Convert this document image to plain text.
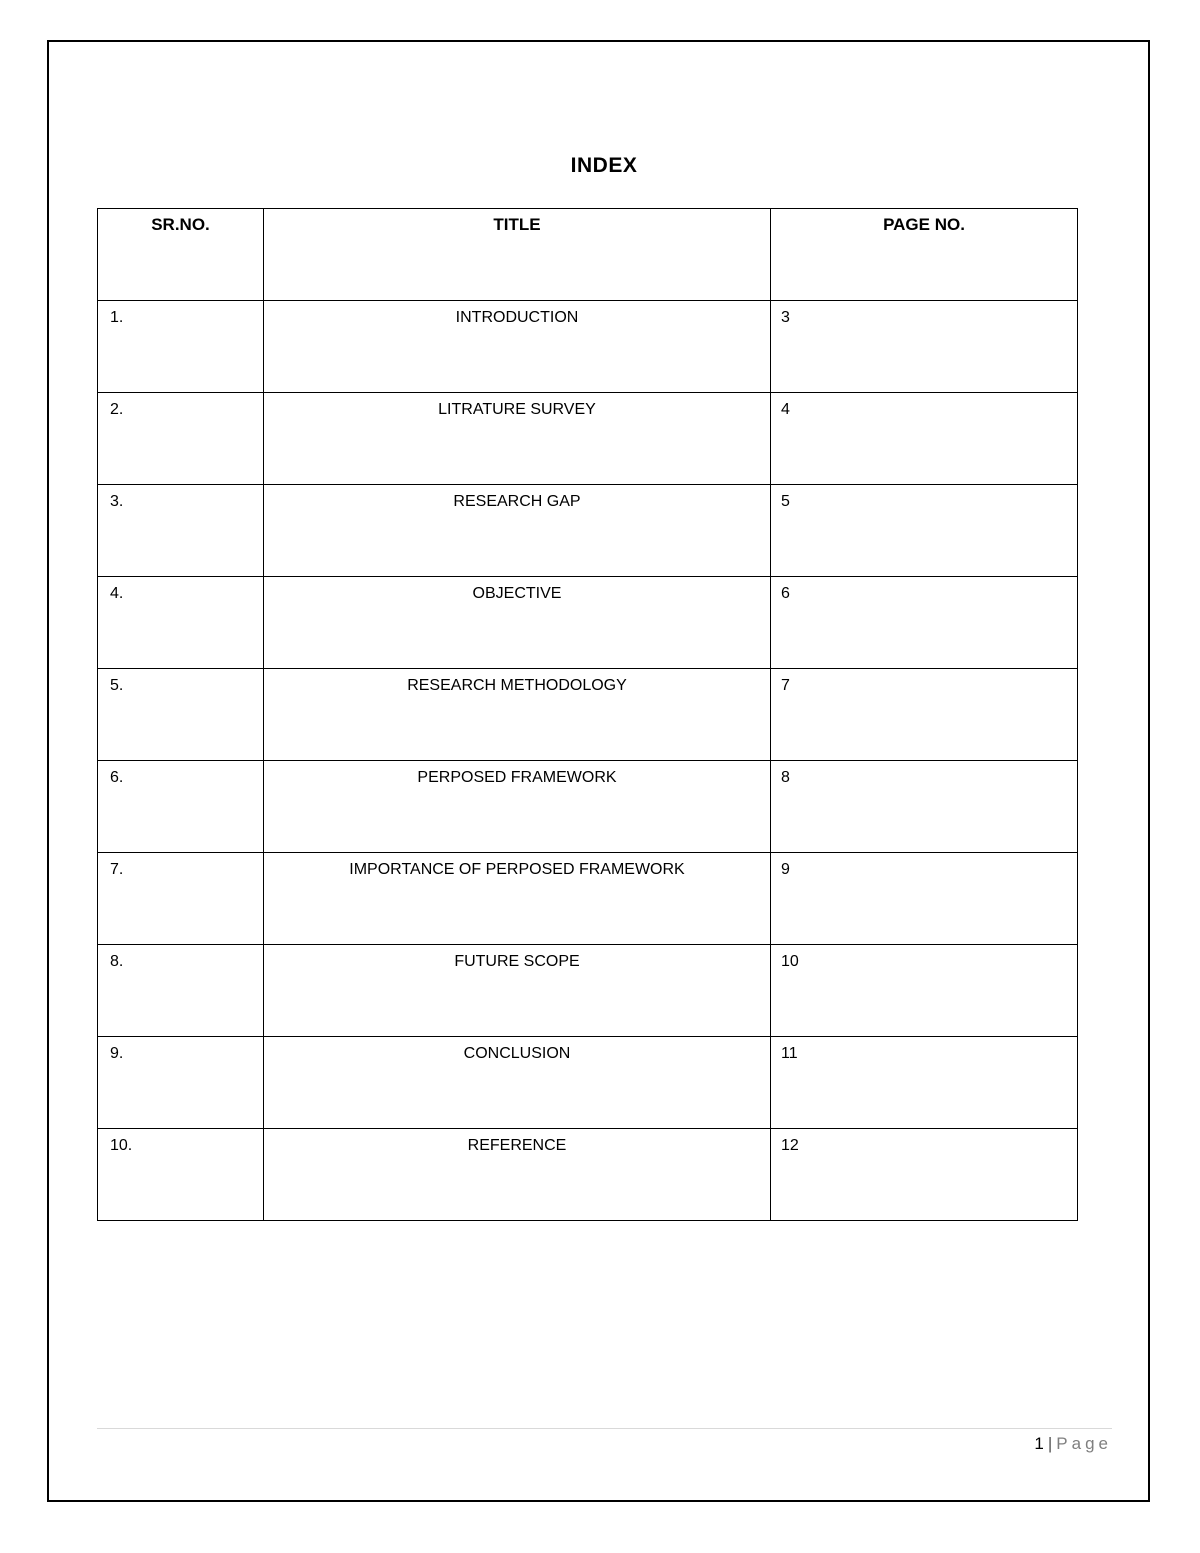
INDEX
SR.NO.	TITLE	PAGE NO.
1.	INTRODUCTION	3
2.	LITRATURE SURVEY	4
3.	RESEARCH GAP	5
4.	OBJECTIVE	6
5.	RESEARCH METHODOLOGY	7
6.	PERPOSED FRAMEWORK	8
7.	IMPORTANCE OF PERPOSED FRAMEWORK	9
8.	FUTURE SCOPE	10
9.	CONCLUSION	11
10.	REFERENCE	12
1 | Page
